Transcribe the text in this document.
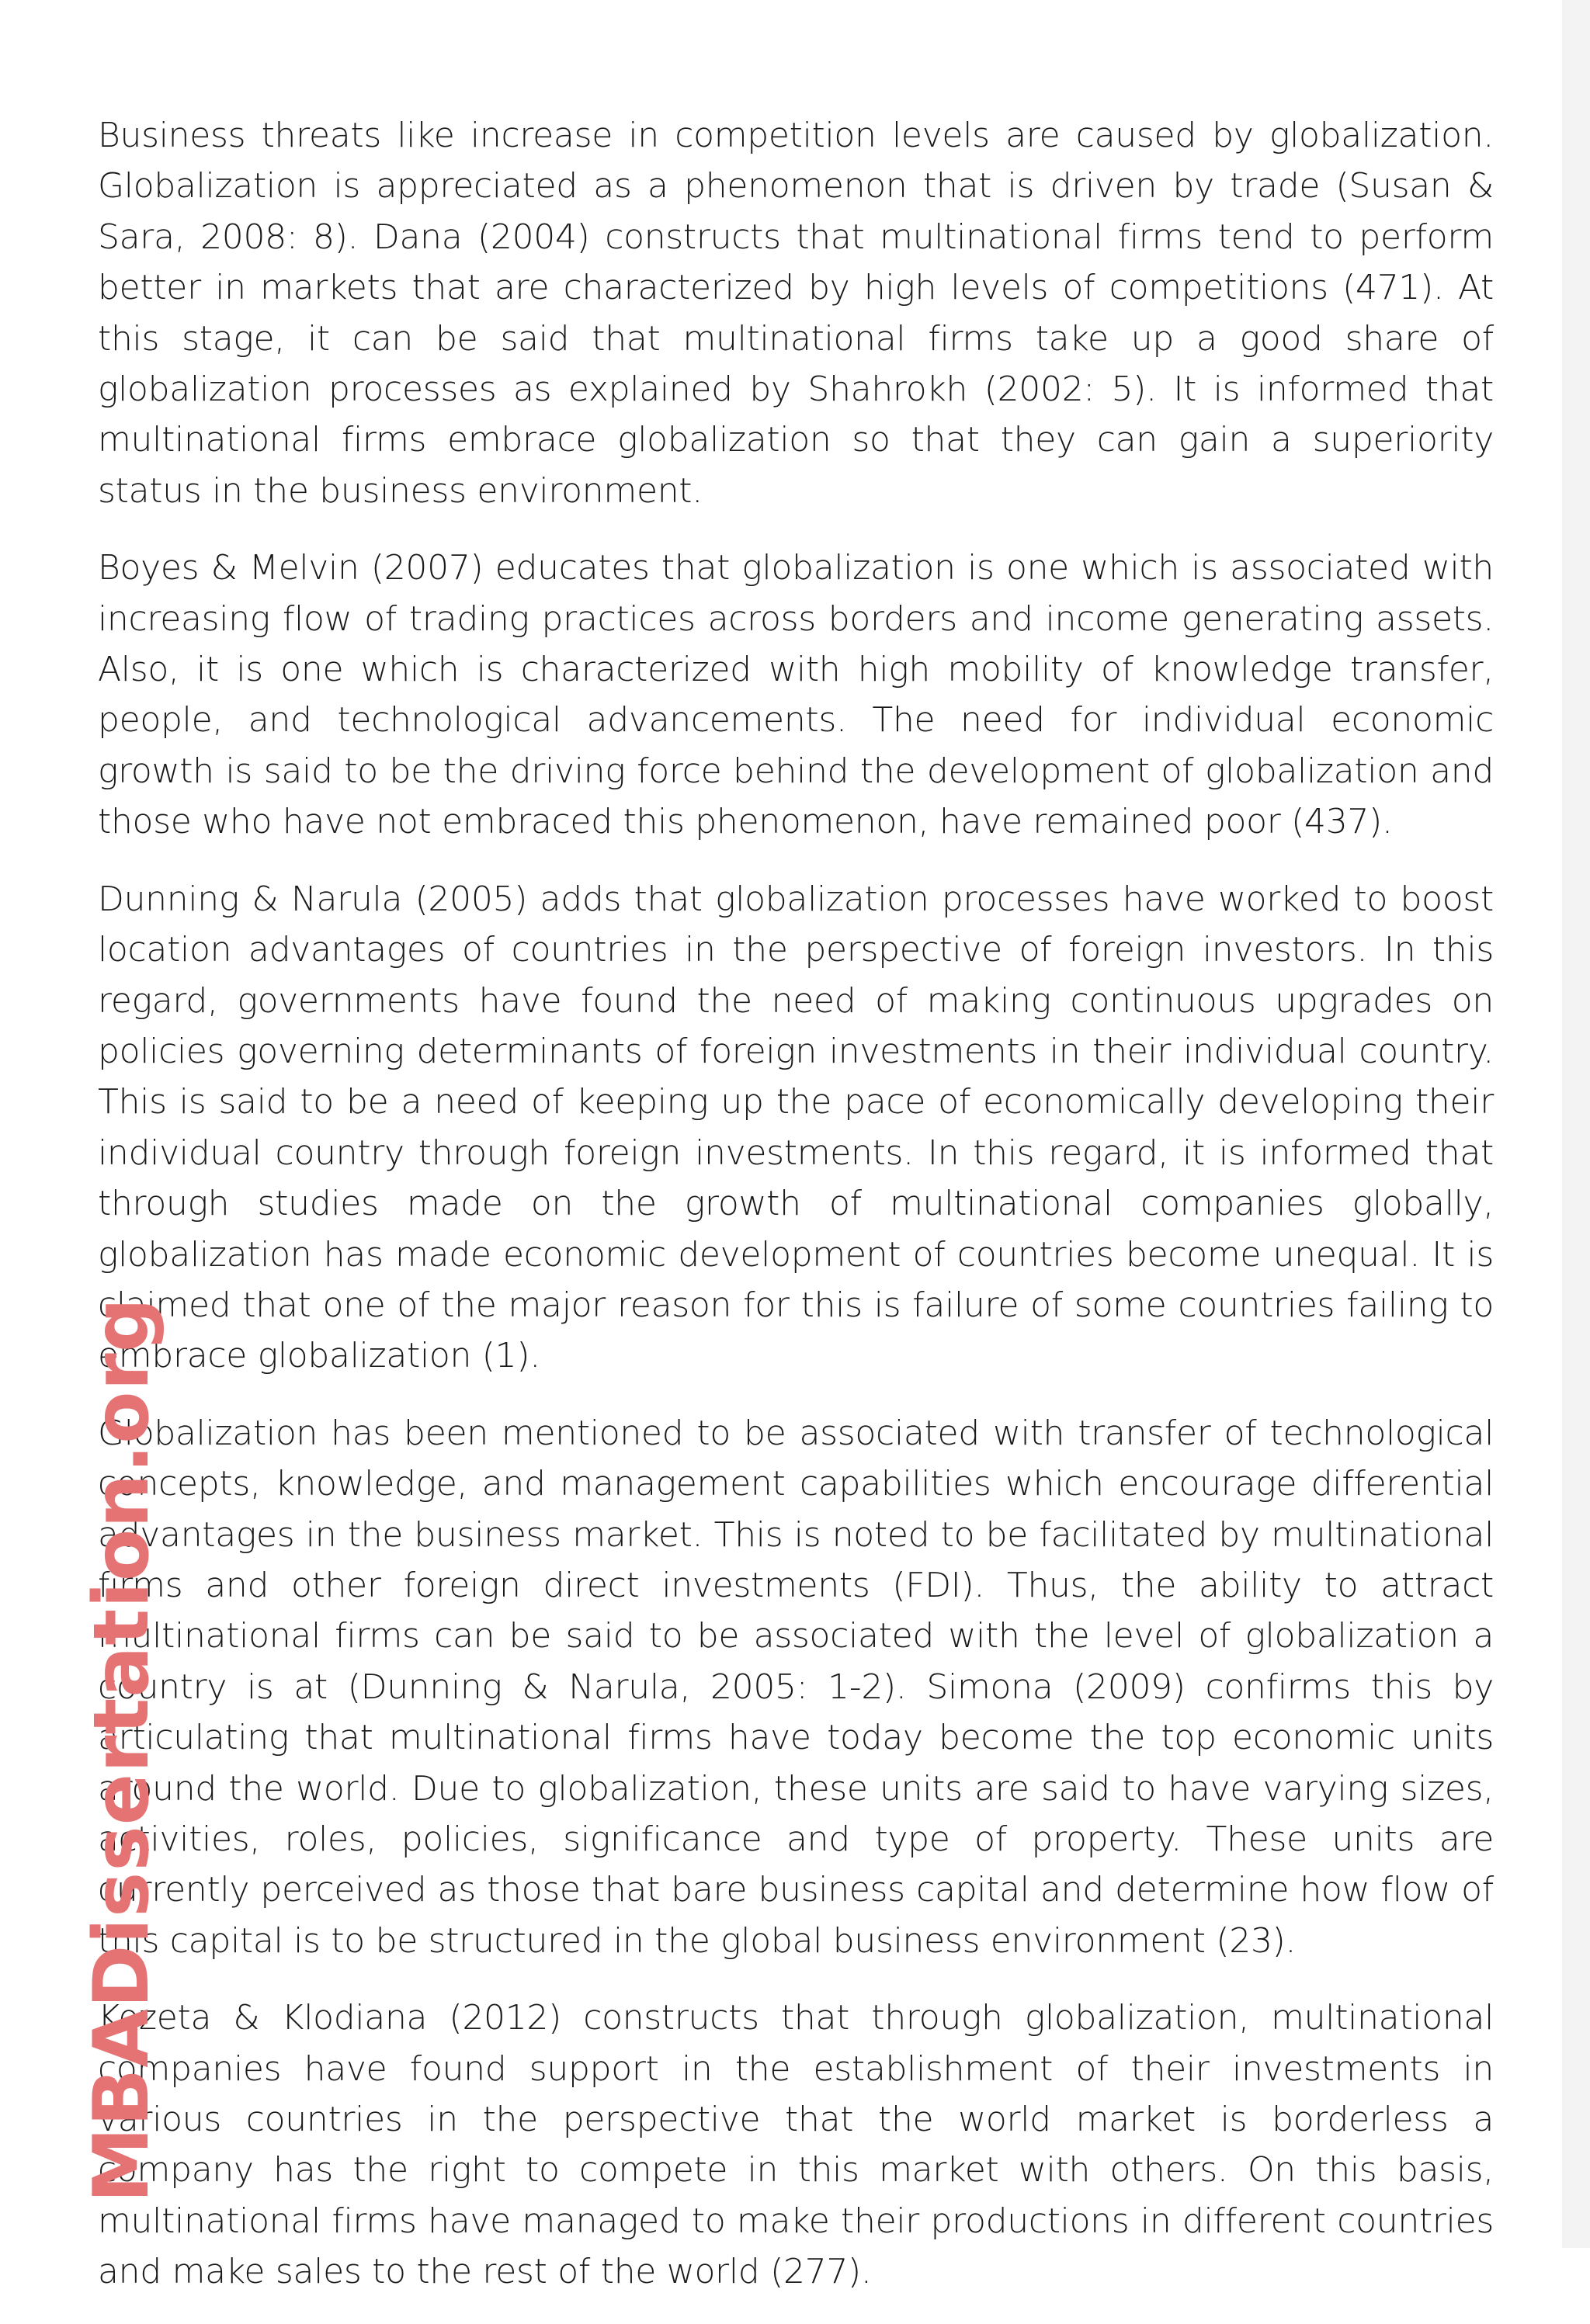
Business threats like increase in competition levels are caused by globalization. Globalization is appreciated as a phenomenon that is driven by trade (Susan & Sara, 2008: 8). Dana (2004) constructs that multinational firms tend to perform better in markets that are characterized by high levels of competitions (471). At this stage, it can be said that multinational firms take up a good share of globalization processes as explained by Shahrokh (2002: 5). It is informed that multinational firms embrace globalization so that they can gain a superiority status in the business environment.

Boyes & Melvin (2007) educates that globalization is one which is associated with increasing flow of trading practices across borders and income generating assets. Also, it is one which is characterized with high mobility of knowledge transfer, people, and technological advancements. The need for individual economic growth is said to be the driving force behind the development of globalization and those who have not embraced this phenomenon, have remained poor (437).

Dunning & Narula (2005) adds that globalization processes have worked to boost location advantages of countries in the perspective of foreign investors. In this regard, governments have found the need of making continuous upgrades on policies governing determinants of foreign investments in their individual country. This is said to be a need of keeping up the pace of economically developing their individual country through foreign investments. In this regard, it is informed that through studies made on the growth of multinational companies globally, globalization has made economic development of countries become unequal. It is claimed that one of the major reason for this is failure of some countries failing to embrace globalization (1).

Globalization has been mentioned to be associated with transfer of technological concepts, knowledge, and management capabilities which encourage differential advantages in the business market. This is noted to be facilitated by multinational firms and other foreign direct investments (FDI). Thus, the ability to attract multinational firms can be said to be associated with the level of globalization a country is at (Dunning & Narula, 2005: 1-2). Simona (2009) confirms this by articulating that multinational firms have today become the top economic units around the world. Due to globalization, these units are said to have varying sizes, activities, roles, policies, significance and type of property. These units are currently perceived as those that bare business capital and determine how flow of this capital is to be structured in the global business environment (23).

Kozeta & Klodiana (2012) constructs that through globalization, multinational companies have found support in the establishment of their investments in various countries in the perspective that the world market is borderless a company has the right to compete in this market with others. On this basis, multinational firms have managed to make their productions in different countries and make sales to the rest of the world (277).

MBADissertation.org
